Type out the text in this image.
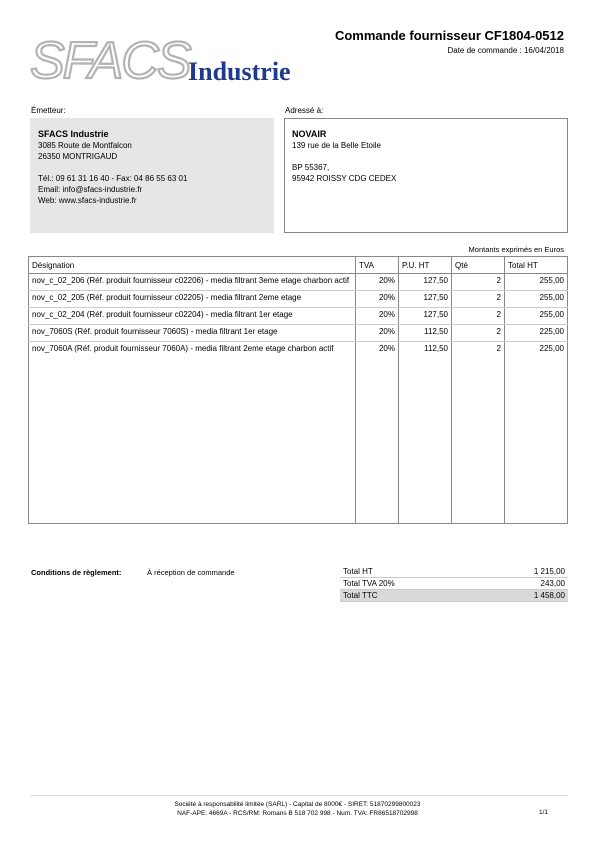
SFACS
Industrie
Commande fournisseur CF1804-0512
Date de commande : 16/04/2018
Émetteur:	Adressé à:
SFACS Industrie
3085 Route de Montfalcon
26350 MONTRIGAUD
Tél.: 09 61 31 16 40 - Fax: 04 86 55 63 01
Email: info@sfacs-industrie.fr
Web: www.sfacs-industrie.fr
NOVAIR
139 rue de la Belle Etoile
BP 55367,
95942 ROISSY CDG CEDEX
Montants exprimés en Euros
Désignation	TVA	P.U. HT	Qté	Total HT
nov_c_02_206 (Réf. produit fournisseur c02206) - media filtrant 3eme etage charbon actif	20%	127,50	2	255,00
nov_c_02_205 (Réf. produit fournisseur c02205) - media filtrant 2eme etage	20%	127,50	2	255,00
nov_c_02_204 (Réf. produit fournisseur c02204) - media filtrant 1er etage	20%	127,50	2	255,00
nov_7060S (Réf. produit fournisseur 7060S) - media filtrant 1er etage	20%	112,50	2	225,00
nov_7060A (Réf. produit fournisseur 7060A) - media filtrant 2eme etage charbon actif	20%	112,50	2	225,00
Conditions de règlement:	À réception de commande	Total HT	1 215,00
Total TVA 20%	243,00
Total TTC	1 458,00
Société à responsabilité limitée (SARL) - Capital de 8000€ - SIRET: 51870299800023
NAF-APE: 4669A - RCS/RM: Romans B 518 702 998 - Num. TVA: FR86518702998	1/1
